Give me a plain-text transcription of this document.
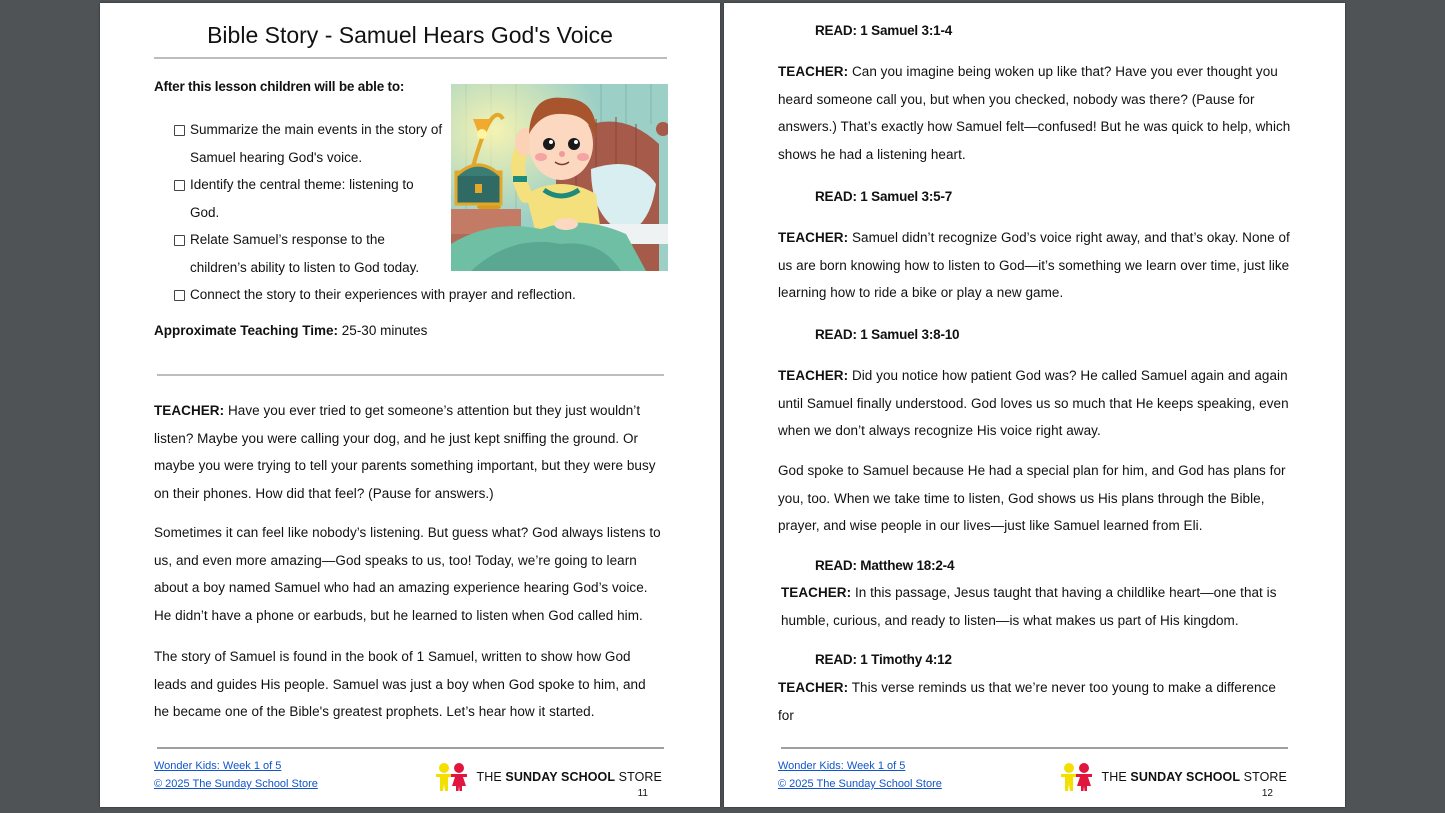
Bible Story - Samuel Hears God's Voice
After this lesson children will be able to:
Summarize the main events in the story of Samuel hearing God's voice.
Identify the central theme: listening to God.
Relate Samuel’s response to the children’s ability to listen to God today.
Connect the story to their experiences with prayer and reflection.
Approximate Teaching Time: 25-30 minutes
TEACHER: Have you ever tried to get someone’s attention but they just wouldn’t listen? Maybe you were calling your dog, and he just kept sniffing the ground. Or maybe you were trying to tell your parents something important, but they were busy on their phones. How did that feel? (Pause for answers.)
Sometimes it can feel like nobody’s listening. But guess what? God always listens to us, and even more amazing—God speaks to us, too! Today, we’re going to learn about a boy named Samuel who had an amazing experience hearing God’s voice. He didn’t have a phone or earbuds, but he learned to listen when God called him.
The story of Samuel is found in the book of 1 Samuel, written to show how God leads and guides His people. Samuel was just a boy when God spoke to him, and he became one of the Bible's greatest prophets. Let’s hear how it started.
Wonder Kids: Week 1 of 5
© 2025 The Sunday School Store	THE SUNDAY SCHOOL STORE
11
READ: 1 Samuel 3:1-4
TEACHER: Can you imagine being woken up like that? Have you ever thought you heard someone call you, but when you checked, nobody was there? (Pause for answers.) That’s exactly how Samuel felt—confused! But he was quick to help, which shows he had a listening heart.
READ: 1 Samuel 3:5-7
TEACHER: Samuel didn’t recognize God’s voice right away, and that’s okay. None of us are born knowing how to listen to God—it’s something we learn over time, just like learning how to ride a bike or play a new game.
READ: 1 Samuel 3:8-10
TEACHER: Did you notice how patient God was? He called Samuel again and again until Samuel finally understood. God loves us so much that He keeps speaking, even when we don’t always recognize His voice right away.
God spoke to Samuel because He had a special plan for him, and God has plans for you, too. When we take time to listen, God shows us His plans through the Bible, prayer, and wise people in our lives—just like Samuel learned from Eli.
READ: Matthew 18:2-4
TEACHER: In this passage, Jesus taught that having a childlike heart—one that is humble, curious, and ready to listen—is what makes us part of His kingdom.
READ: 1 Timothy 4:12
TEACHER: This verse reminds us that we’re never too young to make a difference for
Wonder Kids: Week 1 of 5
© 2025 The Sunday School Store	THE SUNDAY SCHOOL STORE
12
